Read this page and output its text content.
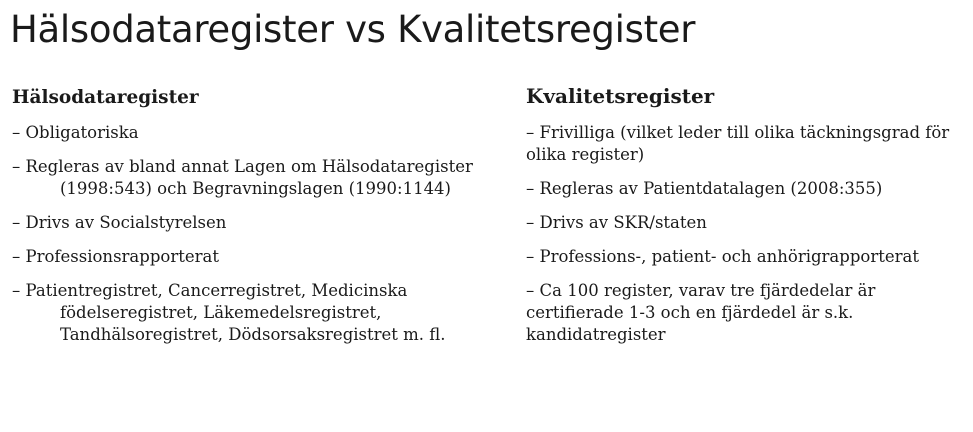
Hälsodataregister vs Kvalitetsregister
Hälsodataregister
– Obligatoriska
– Regleras av bland annat Lagen om Hälsodataregister (1998:543) och Begravningslagen (1990:1144)
– Drivs av Socialstyrelsen
– Professionsrapporterat
– Patientregistret, Cancerregistret, Medicinska födelseregistret, Läkemedelsregistret, Tandhälsoregistret, Dödsorsaksregistret m. fl.
Kvalitetsregister
– Frivilliga (vilket leder till olika täckningsgrad för olika register)
– Regleras av Patientdatalagen (2008:355)
– Drivs av SKR/staten
– Professions-, patient- och anhörigrapporterat
– Ca 100 register, varav tre fjärdedelar är certifierade 1-3 och en fjärdedel är s.k. kandidatregister
